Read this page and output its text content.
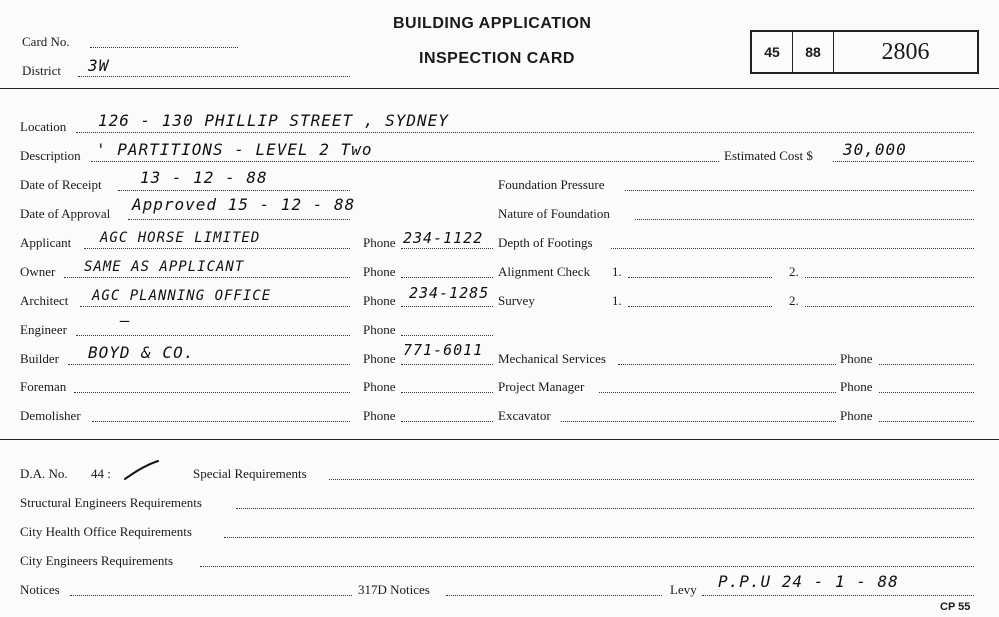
Card No.
District 3W
BUILDING APPLICATION
INSPECTION CARD	45	88	2806
Location 126 - 130 PHILLIP STREET , SYDNEY
Description ' PARTITIONS - LEVEL 2 Two	Estimated Cost $ 30,000
Date of Receipt 13 - 12 - 88	Foundation Pressure
Date of Approval Approved 15 - 12 - 88	Nature of Foundation
Applicant AGC HORSE LIMITED	Phone 234-1122 Depth of Footings
Owner SAME AS APPLICANT	Phone	Alignment Check 1.	2.
Architect AGC PLANNING OFFICE	Phone 234-1285 Survey	1.	2.
Engineer	–	Phone
Builder BOYD & CO.	Phone 771-6011 Mechanical Services	Phone
Foreman	Phone	Project Manager	Phone
Demolisher	Phone	Excavator	Phone
D.A. No. 44 :	Special Requirements
Structural Engineers Requirements
City Health Office Requirements
City Engineers Requirements
Notices	317D Notices	Levy P.P.U 24 - 1 - 88
CP 55
